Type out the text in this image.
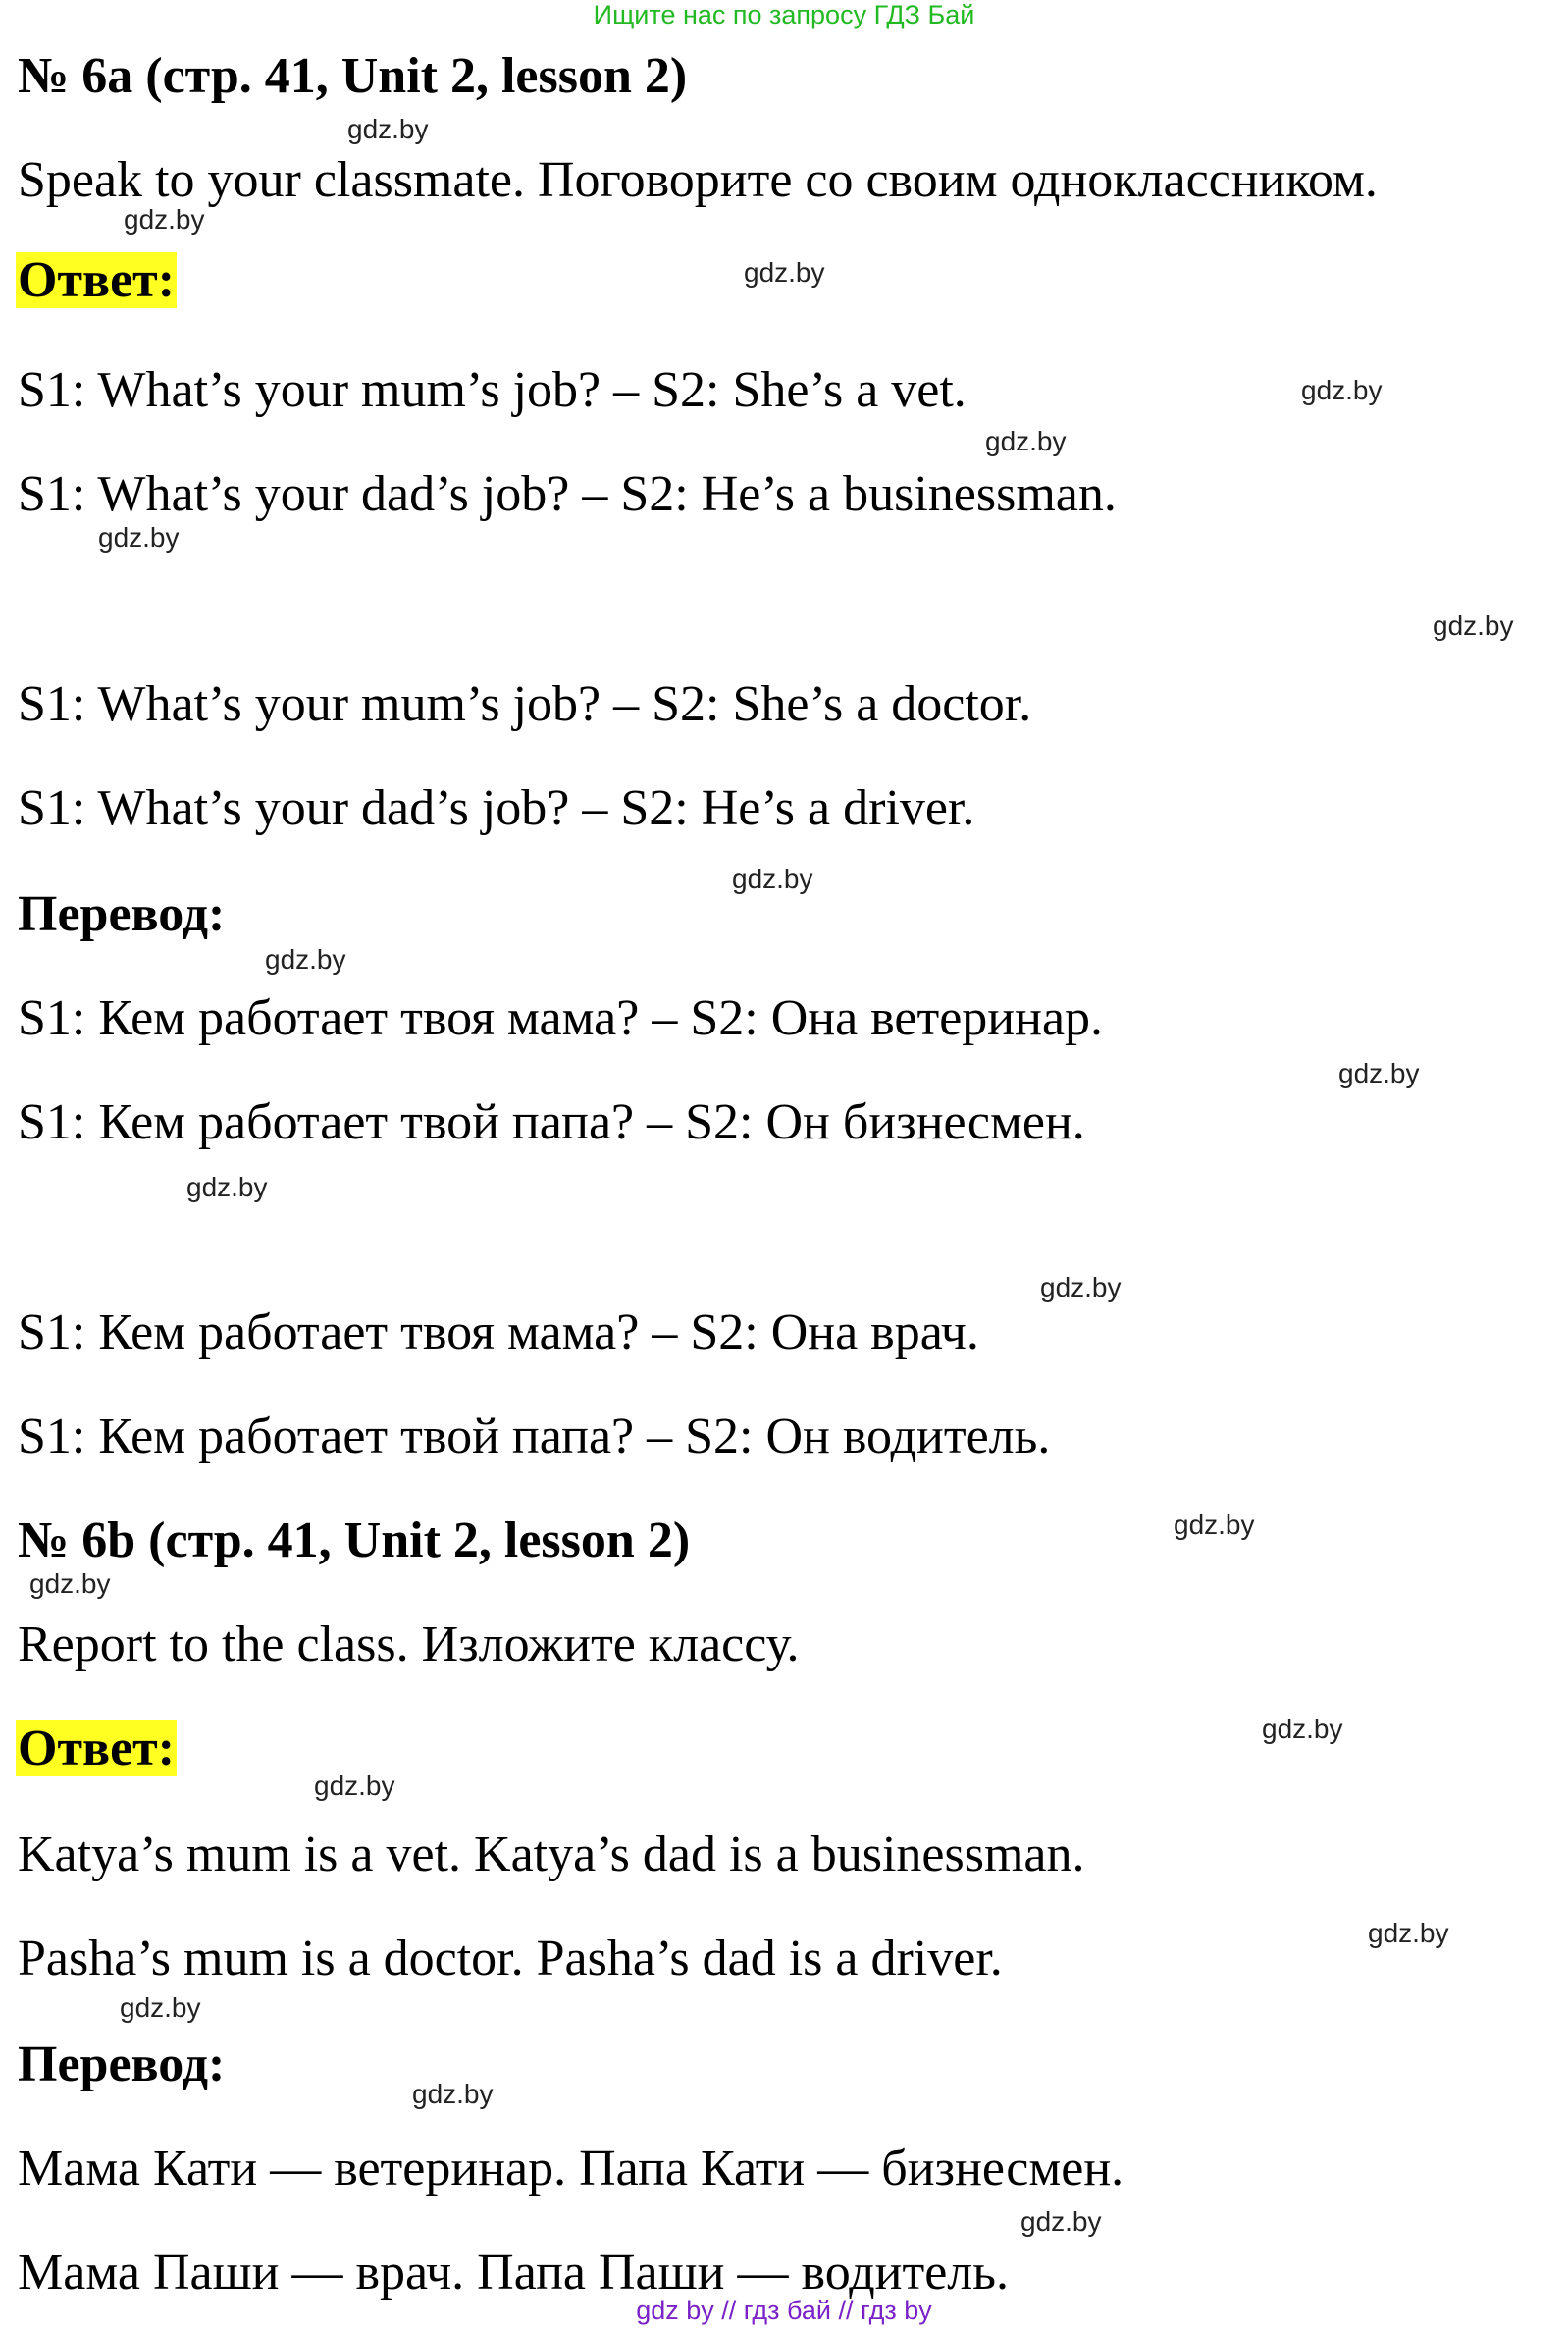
Ищите нас по запросу ГДЗ Бай
№ 6a (стр. 41, Unit 2, lesson 2)
Speak to your classmate. Поговорите со своим одноклассником.
Ответ:
S1: What’s your mum’s job? – S2: She’s a vet.
S1: What’s your dad’s job? – S2: He’s a businessman.
S1: What’s your mum’s job? – S2: She’s a doctor.
S1: What’s your dad’s job? – S2: He’s a driver.
Перевод:
S1: Кем работает твоя мама? – S2: Она ветеринар.
S1: Кем работает твой папа? – S2: Он бизнесмен.
S1: Кем работает твоя мама? – S2: Она врач.
S1: Кем работает твой папа? – S2: Он водитель.
№ 6b (стр. 41, Unit 2, lesson 2)
Report to the class. Изложите классу.
Ответ:
Katya’s mum is a vet. Katya’s dad is a businessman.
Pasha’s mum is a doctor. Pasha’s dad is a driver.
Перевод:
Мама Кати — ветеринар. Папа Кати — бизнесмен.
Мама Паши — врач. Папа Паши — водитель.
gdz.by
gdz.by
gdz.by
gdz.by
gdz.by
gdz.by
gdz.by
gdz.by
gdz.by
gdz.by
gdz.by
gdz.by
gdz.by
gdz.by
gdz.by
gdz.by
gdz.by
gdz.by
gdz.by
gdz.by
gdz by // гдз бай // гдз by
